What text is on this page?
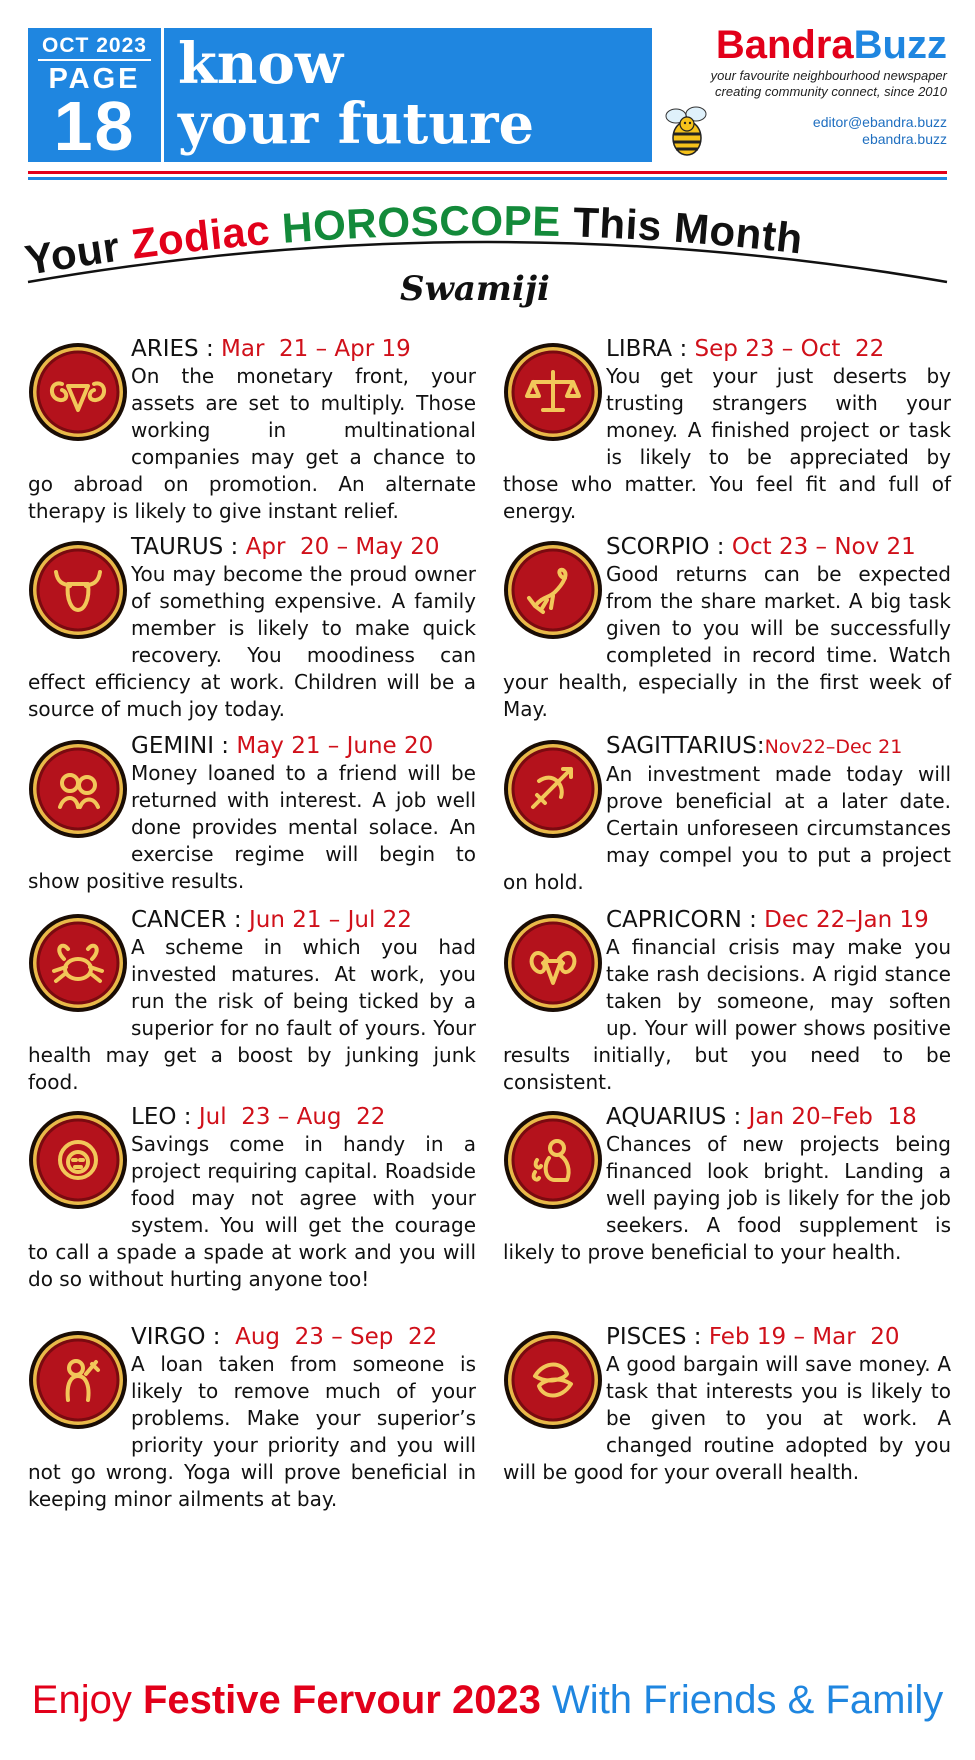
OCT 2023
PAGE
18
know
your future
BandraBuzz
your favourite neighbourhood newspaper
creating community connect, since 2010
editor@ebandra.buzz
ebandra.buzz
Your Zodiac HOROSCOPE This Month
Swamiji
ARIES : Mar  21 – Apr 19
On the monetary front, your assets are set to multiply. Those working in multinational companies may get a chance to go abroad on promotion. An alternate therapy is likely to give instant relief.
TAURUS : Apr  20 – May 20
You may become the proud owner of something expensive. A family member is likely to make quick recovery. You moodiness can effect efficiency at work. Children will be a source of much joy today.
GEMINI : May 21 – June 20
Money loaned to a friend will be returned with interest. A job well done provides mental solace. An exercise regime will begin to show positive results.
CANCER : Jun 21 – Jul 22
A scheme in which you had invested matures. At work, you run the risk of being ticked by a superior for no fault of yours. Your health may get a boost by junking junk food.
LEO : Jul  23 – Aug  22
Savings come in handy in a project requiring capital. Roadside food may not agree with your system. You will get the courage to call a spade a spade at work and you will do so without hurting anyone too!
VIRGO :  Aug  23 – Sep  22
A loan taken from someone is likely to remove much of your problems. Make your superior’s priority your priority and you will not go wrong. Yoga will prove beneficial in keeping minor ailments at bay.
LIBRA : Sep 23 – Oct  22
You get your just deserts by trusting strangers with your money. A finished project or task is likely to be appreciated by those who matter. You feel fit and full of energy.
SCORPIO : Oct 23 – Nov 21
Good returns can be expected from the share market. A big task given to you will be successfully completed in record time. Watch your health, especially in the first week of May.
SAGITTARIUS:Nov22–Dec 21
An investment made today will prove beneficial at a later date. Certain unforeseen circumstances may compel you to put a project on hold.
CAPRICORN : Dec 22–Jan 19
A financial crisis may make you take rash decisions. A rigid stance taken by someone, may soften up. Your will power shows positive results initially, but you need to be consistent.
AQUARIUS : Jan 20–Feb  18
Chances of new projects being financed look bright. Landing a well paying job is likely for the job seekers. A food supplement is likely to prove beneficial to your health.
PISCES : Feb 19 – Mar  20
A good bargain will save money. A task that interests you is likely to be given to you at work. A changed routine adopted by you will be good for your overall health.
Enjoy Festive Fervour 2023 With Friends & Family
